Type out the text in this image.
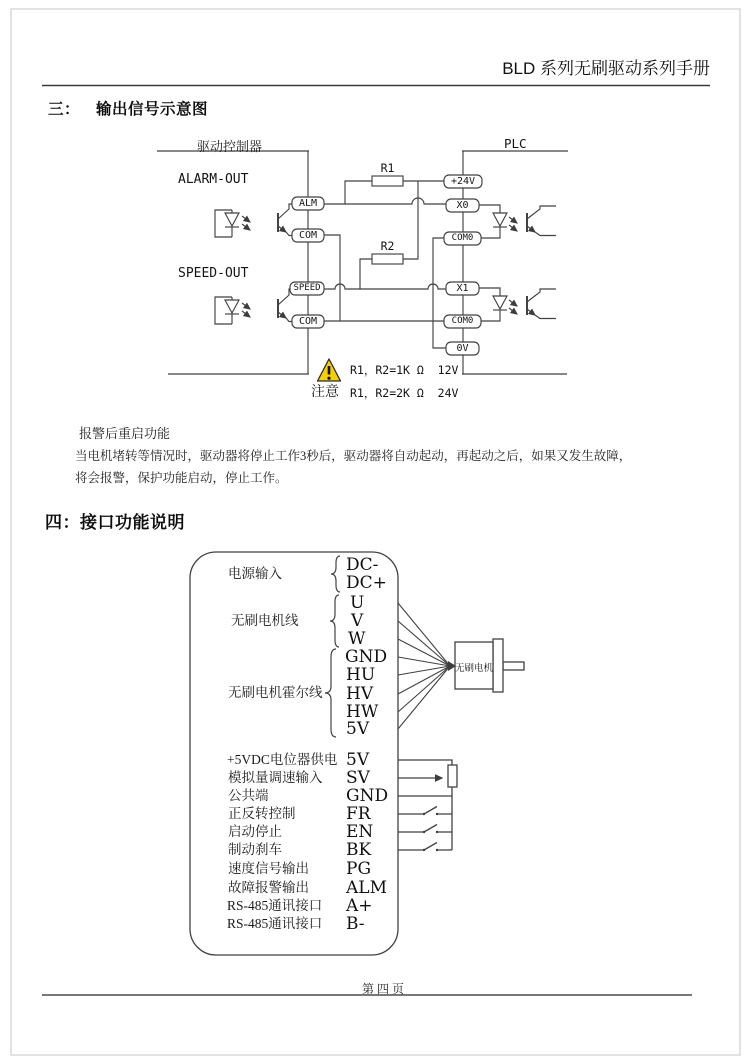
BLD 系列无刷驱动系列手册
三： 输出信号示意图
驱动控制器	PLC
ALARM-OUT
SPEED-OUT
R1
R2
ALM
COM
SPEED
COM
+24V
X0
COM0
X1
COM0
0V
注意
R1，R2=1K Ω  12V
R1，R2=2K Ω  24V
报警后重启功能
当电机堵转等情况时，驱动器将停止工作3秒后，驱动器将自动起动，再起动之后，如果又发生故障，
将会报警，保护功能启动，停止工作。
四：接口功能说明
电源输入
无刷电机线
无刷电机霍尔线
DC-
DC+
U
V
W
GND
HU
HV
HW
5V
无刷电机
+5VDC电位器供电
模拟量调速输入
公共端
正反转控制
启动停止
制动刹车
速度信号输出
故障报警输出
RS-485通讯接口
RS-485通讯接口
5V
SV
GND
FR
EN
BK
PG
ALM
A+
B-
第 四 页
